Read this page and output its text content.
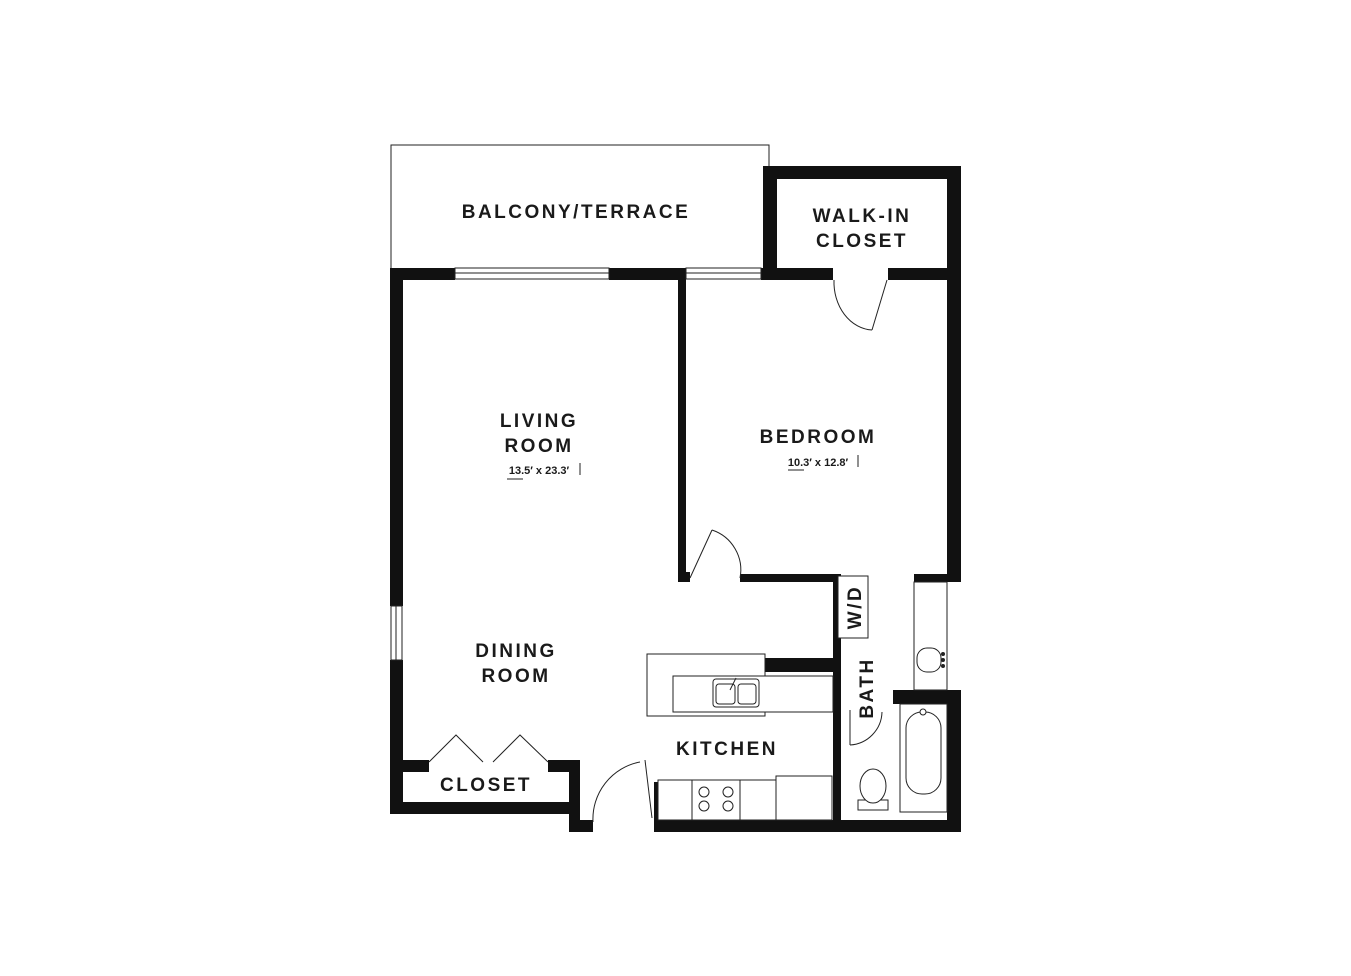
BALCONY/TERRACE	WALK-IN
CLOSET
LIVING
ROOM
13.5′ x 23.3′
BEDROOM
10.3′ x 12.8′
DINING
ROOM
KITCHEN
CLOSET
BATH
W/D
